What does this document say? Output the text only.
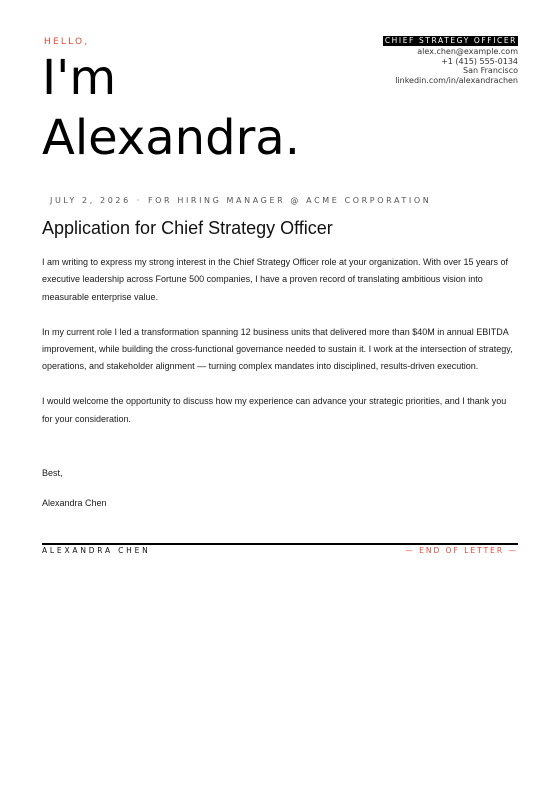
HELLO,
I'm
Alexandra.
CHIEF STRATEGY OFFICER
alex.chen@example.com
+1 (415) 555-0134
San Francisco
linkedin.com/in/alexandrachen
JULY 2, 2026 · FOR HIRING MANAGER @ ACME CORPORATION
Application for Chief Strategy Officer

I am writing to express my strong interest in the Chief Strategy Officer role at your organization. With over 15 years of executive leadership across Fortune 500 companies, I have a proven record of translating ambitious vision into measurable enterprise value.

In my current role I led a transformation spanning 12 business units that delivered more than $40M in annual EBITDA improvement, while building the cross-functional governance needed to sustain it. I work at the intersection of strategy, operations, and stakeholder alignment — turning complex mandates into disciplined, results-driven execution.

I would welcome the opportunity to discuss how my experience can advance your strategic priorities, and I thank you for your consideration.

Best,
Alexandra Chen
ALEXANDRA CHEN	— END OF LETTER —
